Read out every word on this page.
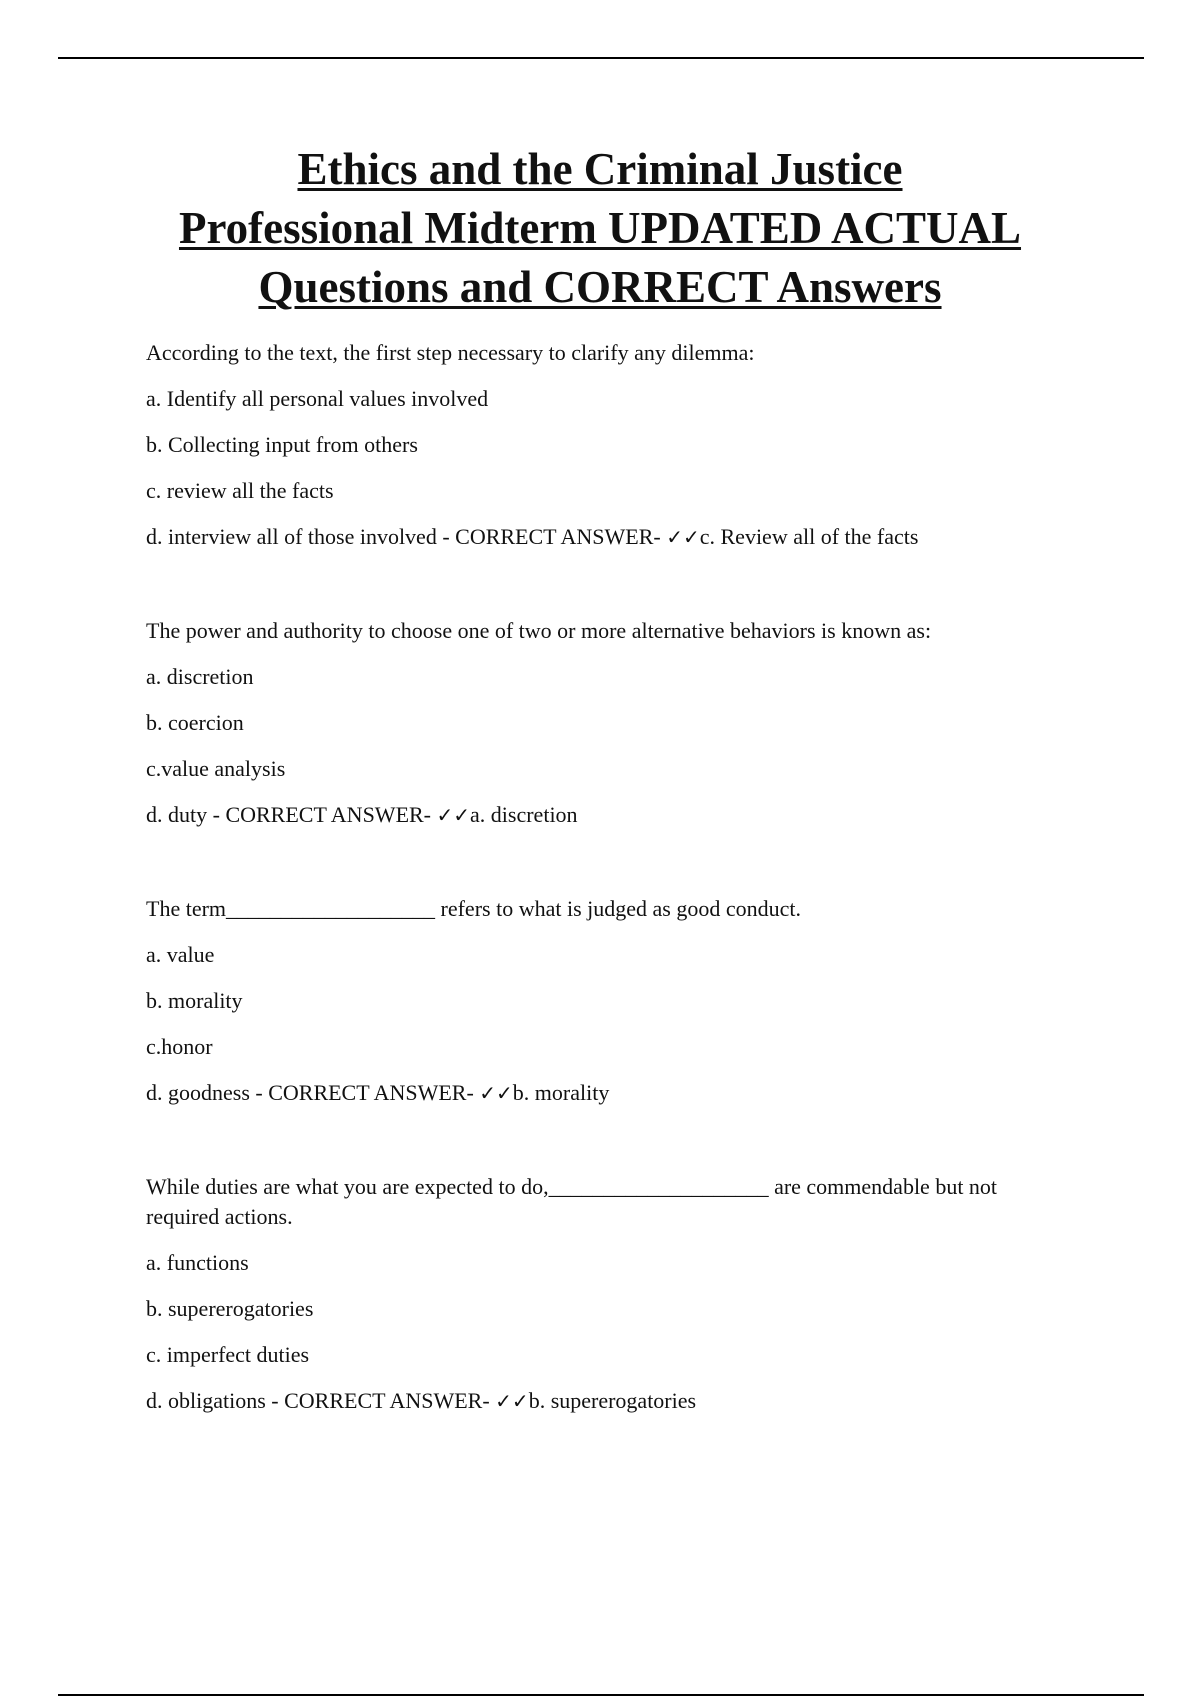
Ethics and the Criminal Justice
Professional Midterm UPDATED ACTUAL
Questions and CORRECT Answers

According to the text, the first step necessary to clarify any dilemma:

a. Identify all personal values involved

b. Collecting input from others

c. review all the facts

d. interview all of those involved - CORRECT ANSWER- ✓✓c. Review all of the facts

The power and authority to choose one of two or more alternative behaviors is known as:

a. discretion

b. coercion

c.value analysis

d. duty - CORRECT ANSWER- ✓✓a. discretion

The term___________________ refers to what is judged as good conduct.

a. value

b. morality

c.honor

d. goodness - CORRECT ANSWER- ✓✓b. morality

While duties are what you are expected to do,____________________ are commendable but not required actions.

a. functions

b. supererogatories

c. imperfect duties

d. obligations - CORRECT ANSWER- ✓✓b. supererogatories
